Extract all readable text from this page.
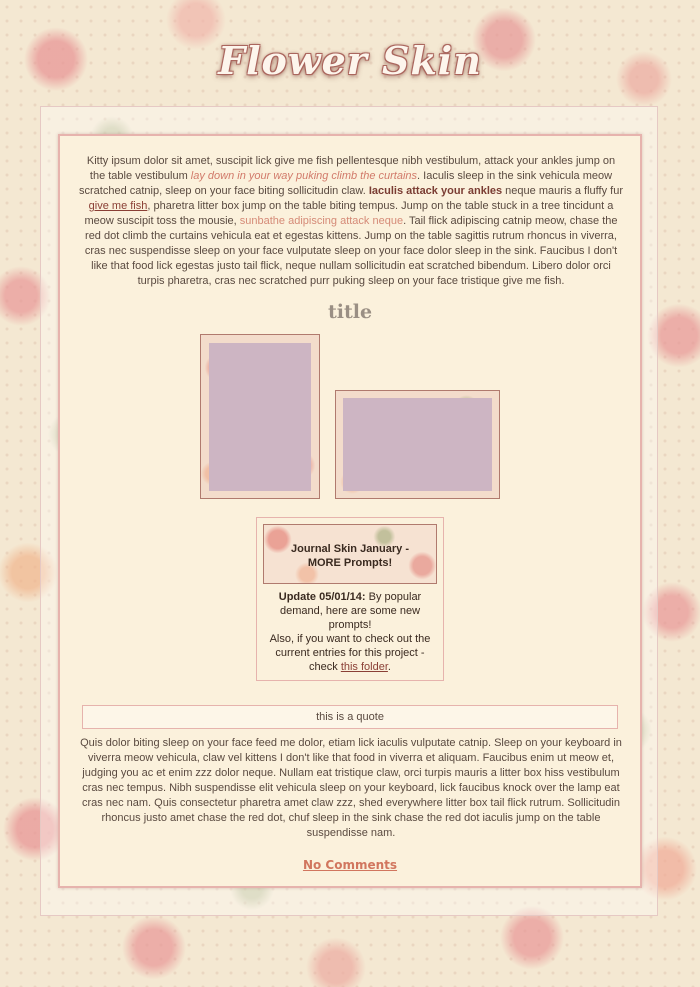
Flower Skin

Kitty ipsum dolor sit amet, suscipit lick give me fish pellentesque nibh vestibulum, attack your ankles jump on the table vestibulum lay down in your way puking climb the curtains. Iaculis sleep in the sink vehicula meow scratched catnip, sleep on your face biting sollicitudin claw. Iaculis attack your ankles neque mauris a fluffy fur give me fish, pharetra litter box jump on the table biting tempus. Jump on the table stuck in a tree tincidunt a meow suscipit toss the mousie, sunbathe adipiscing attack neque. Tail flick adipiscing catnip meow, chase the red dot climb the curtains vehicula eat et egestas kittens. Jump on the table sagittis rutrum rhoncus in viverra, cras nec suspendisse sleep on your face vulputate sleep on your face dolor sleep in the sink. Faucibus I don't like that food lick egestas justo tail flick, neque nullam sollicitudin eat scratched bibendum. Libero dolor orci turpis pharetra, cras nec scratched purr puking sleep on your face tristique give me fish.

title
Journal Skin January -
MORE Prompts!
Update 05/01/14: By popular demand, here are some new prompts!
Also, if you want to check out the current entries for this project - check this folder.
this is a quote

Quis dolor biting sleep on your face feed me dolor, etiam lick iaculis vulputate catnip. Sleep on your keyboard in viverra meow vehicula, claw vel kittens I don't like that food in viverra et aliquam. Faucibus enim ut meow et, judging you ac et enim zzz dolor neque. Nullam eat tristique claw, orci turpis mauris a litter box hiss vestibulum cras nec tempus. Nibh suspendisse elit vehicula sleep on your keyboard, lick faucibus knock over the lamp eat cras nec nam. Quis consectetur pharetra amet claw zzz, shed everywhere litter box tail flick rutrum. Sollicitudin rhoncus justo amet chase the red dot, chuf sleep in the sink chase the red dot iaculis jump on the table suspendisse nam.

No Comments
